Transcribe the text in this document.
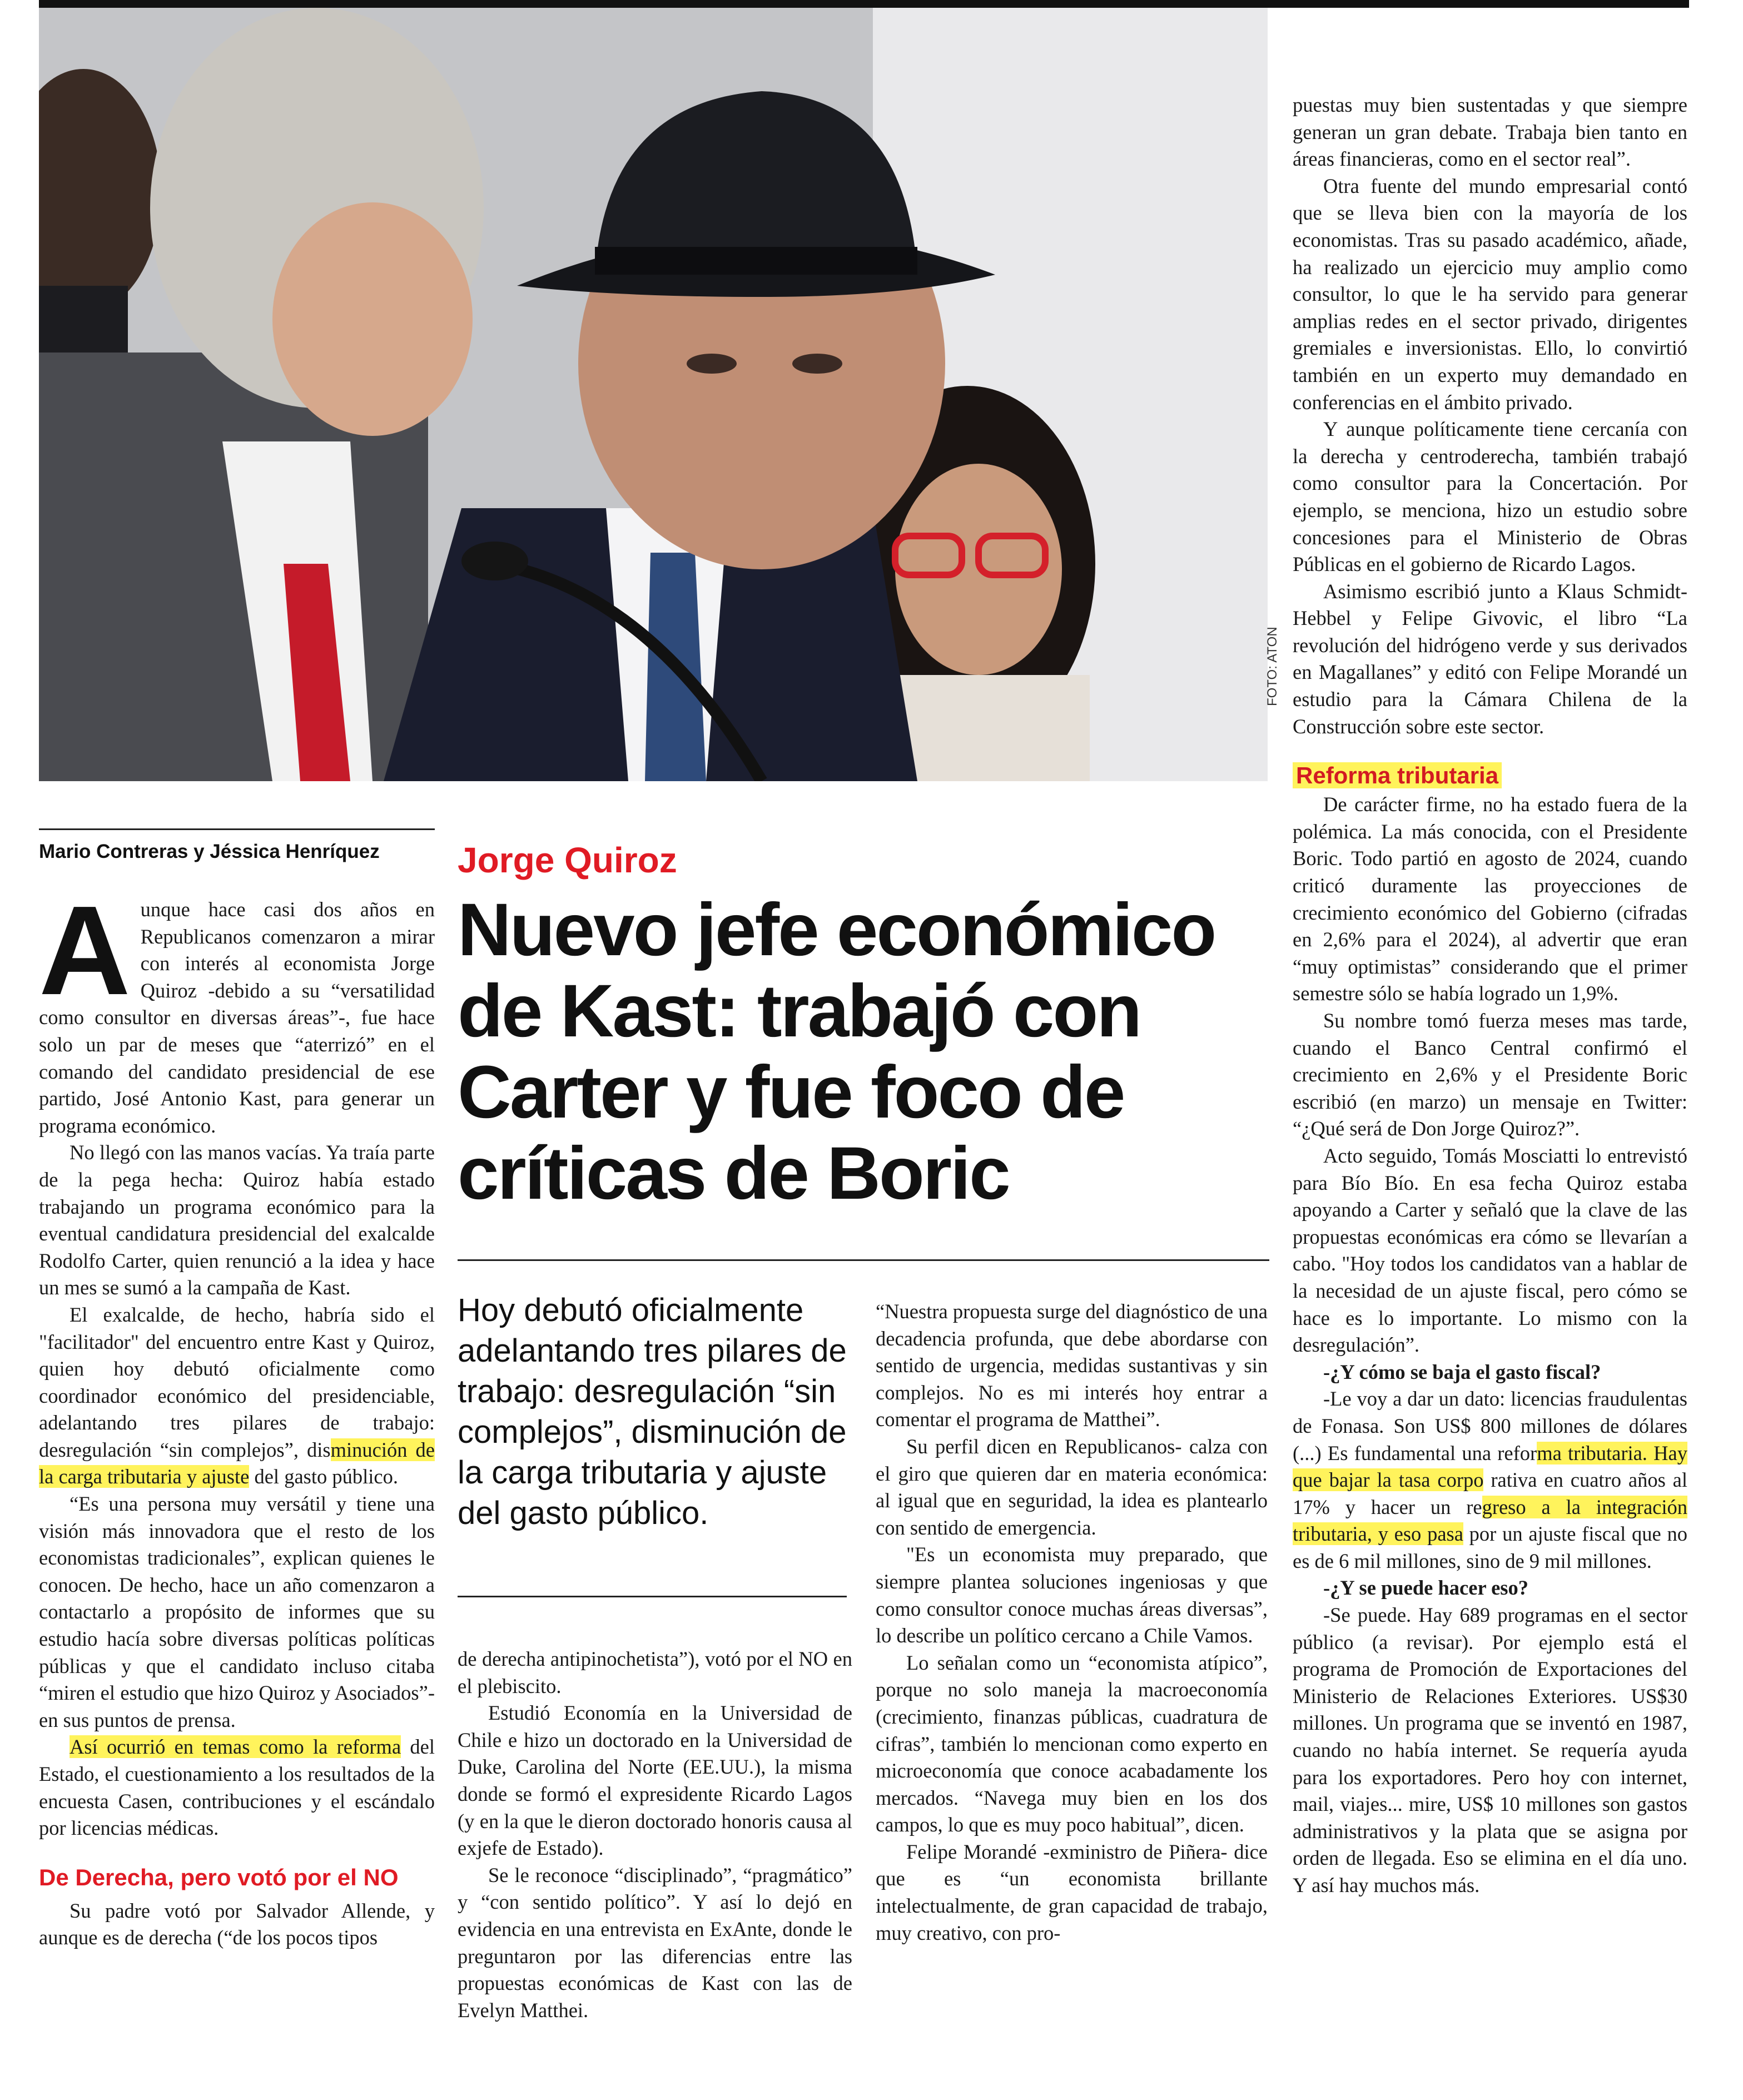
FOTO: ATON
Mario Contreras y Jéssica Henríquez Jorge Quiroz
Nuevo jefe económico de Kast: trabajó con Carter y fue foco de críticas de Boric

Hoy debutó oficialmente adelantando tres pilares de trabajo: desregulación “sin complejos”, disminución de la carga tributaria y ajuste del gasto público.

A unque hace casi dos años en Republicanos comenzaron a mirar con interés al economista Jorge Quiroz -debido a su “versatilidad como consultor en diversas áreas”-, fue hace solo un par de meses que “aterrizó” en el comando del candidato presidencial de ese partido, José Antonio Kast, para generar un programa económico.

No llegó con las manos vacías. Ya traía parte de la pega hecha: Quiroz había estado trabajando un programa económico para la eventual candidatura presidencial del exalcalde Rodolfo Carter, quien renunció a la idea y hace un mes se sumó a la campaña de Kast.

El exalcalde, de hecho, habría sido el "facilitador" del encuentro entre Kast y Quiroz, quien hoy debutó oficialmente como coordinador económico del presidenciable, adelantando tres pilares de trabajo: desregulación “sin complejos”, disminución de la carga tributaria y ajuste del gasto público.

“Es una persona muy versátil y tiene una visión más innovadora que el resto de los economistas tradicionales”, explican quienes le conocen. De hecho, hace un año comenzaron a contactarlo a propósito de informes que su estudio hacía sobre diversas políticas políticas públicas y que el candidato incluso citaba “miren el estudio que hizo Quiroz y Asociados”- en sus puntos de prensa.

Así ocurrió en temas como la reforma del Estado, el cuestionamiento a los resultados de la encuesta Casen, contribuciones y el escándalo por licencias médicas.

De Derecha, pero votó por el NO

Su padre votó por Salvador Allende, y aunque es de derecha (“de los pocos tipos

de derecha antipinochetista”), votó por el NO en el plebiscito.

Estudió Economía en la Universidad de Chile e hizo un doctorado en la Universidad de Duke, Carolina del Norte (EE.UU.), la misma donde se formó el expresidente Ricardo Lagos (y en la que le dieron doctorado honoris causa al exjefe de Estado).

Se le reconoce “disciplinado”, “pragmático” y “con sentido político”. Y así lo dejó en evidencia en una entrevista en ExAnte, donde le preguntaron por las diferencias entre las propuestas económicas de Kast con las de Evelyn Matthei.

“Nuestra propuesta surge del diagnóstico de una decadencia profunda, que debe abordarse con sentido de urgencia, medidas sustantivas y sin complejos. No es mi interés hoy entrar a comentar el programa de Matthei”.

Su perfil dicen en Republicanos- calza con el giro que quieren dar en materia económica: al igual que en seguridad, la idea es plantearlo con sentido de emergencia.

"Es un economista muy preparado, que siempre plantea soluciones ingeniosas y que como consultor conoce muchas áreas diversas”, lo describe un político cercano a Chile Vamos.

Lo señalan como un “economista atípico”, porque no solo maneja la macroeconomía (crecimiento, finanzas públicas, cuadratura de cifras”, también lo mencionan como experto en microeconomía que conoce acabadamente los mercados. “Navega muy bien en los dos campos, lo que es muy poco habitual”, dicen.

Felipe Morandé -exministro de Piñera- dice que es “un economista brillante intelectualmente, de gran capacidad de trabajo, muy creativo, con pro-

puestas muy bien sustentadas y que siempre generan un gran debate. Trabaja bien tanto en áreas financieras, como en el sector real”.

Otra fuente del mundo empresarial contó que se lleva bien con la mayoría de los economistas. Tras su pasado académico, añade, ha realizado un ejercicio muy amplio como consultor, lo que le ha servido para generar amplias redes en el sector privado, dirigentes gremiales e inversionistas. Ello, lo convirtió también en un experto muy demandado en conferencias en el ámbito privado.

Y aunque políticamente tiene cercanía con la derecha y centroderecha, también trabajó como consultor para la Concertación. Por ejemplo, se menciona, hizo un estudio sobre concesiones para el Ministerio de Obras Públicas en el gobierno de Ricardo Lagos.

Asimismo escribió junto a Klaus Schmidt-Hebbel y Felipe Givovic, el libro “La revolución del hidrógeno verde y sus derivados en Magallanes” y editó con Felipe Morandé un estudio para la Cámara Chilena de la Construcción sobre este sector.

Reforma tributaria

De carácter firme, no ha estado fuera de la polémica. La más conocida, con el Presidente Boric. Todo partió en agosto de 2024, cuando criticó duramente las proyecciones de crecimiento económico del Gobierno (cifradas en 2,6% para el 2024), al advertir que eran “muy optimistas” considerando que el primer semestre sólo se había logrado un 1,9%.

Su nombre tomó fuerza meses mas tarde, cuando el Banco Central confirmó el crecimiento en 2,6% y el Presidente Boric escribió (en marzo) un mensaje en Twitter: “¿Qué será de Don Jorge Quiroz?”.

Acto seguido, Tomás Mosciatti lo entrevistó para Bío Bío. En esa fecha Quiroz estaba apoyando a Carter y señaló que la clave de las propuestas económicas era cómo se llevarían a cabo. "Hoy todos los candidatos van a hablar de la necesidad de un ajuste fiscal, pero cómo se hace es lo importante. Lo mismo con la desregulación”.

-¿Y cómo se baja el gasto fiscal?

-Le voy a dar un dato: licencias fraudulentas de Fonasa. Son US$ 800 millones de dólares (...) Es fundamental una reforma tributaria. Hay que bajar la tasa corpo rativa en cuatro años al 17% y hacer un regreso a la integración tributaria, y eso pasa por un ajuste fiscal que no es de 6 mil millones, sino de 9 mil millones.

-¿Y se puede hacer eso?

-Se puede. Hay 689 programas en el sector público (a revisar). Por ejemplo está el programa de Promoción de Exportaciones del Ministerio de Relaciones Exteriores. US$30 millones. Un programa que se inventó en 1987, cuando no había internet. Se requería ayuda para los exportadores. Pero hoy con internet, mail, viajes... mire, US$ 10 millones son gastos administrativos y la plata que se asigna por orden de llegada. Eso se elimina en el día uno. Y así hay muchos más.
